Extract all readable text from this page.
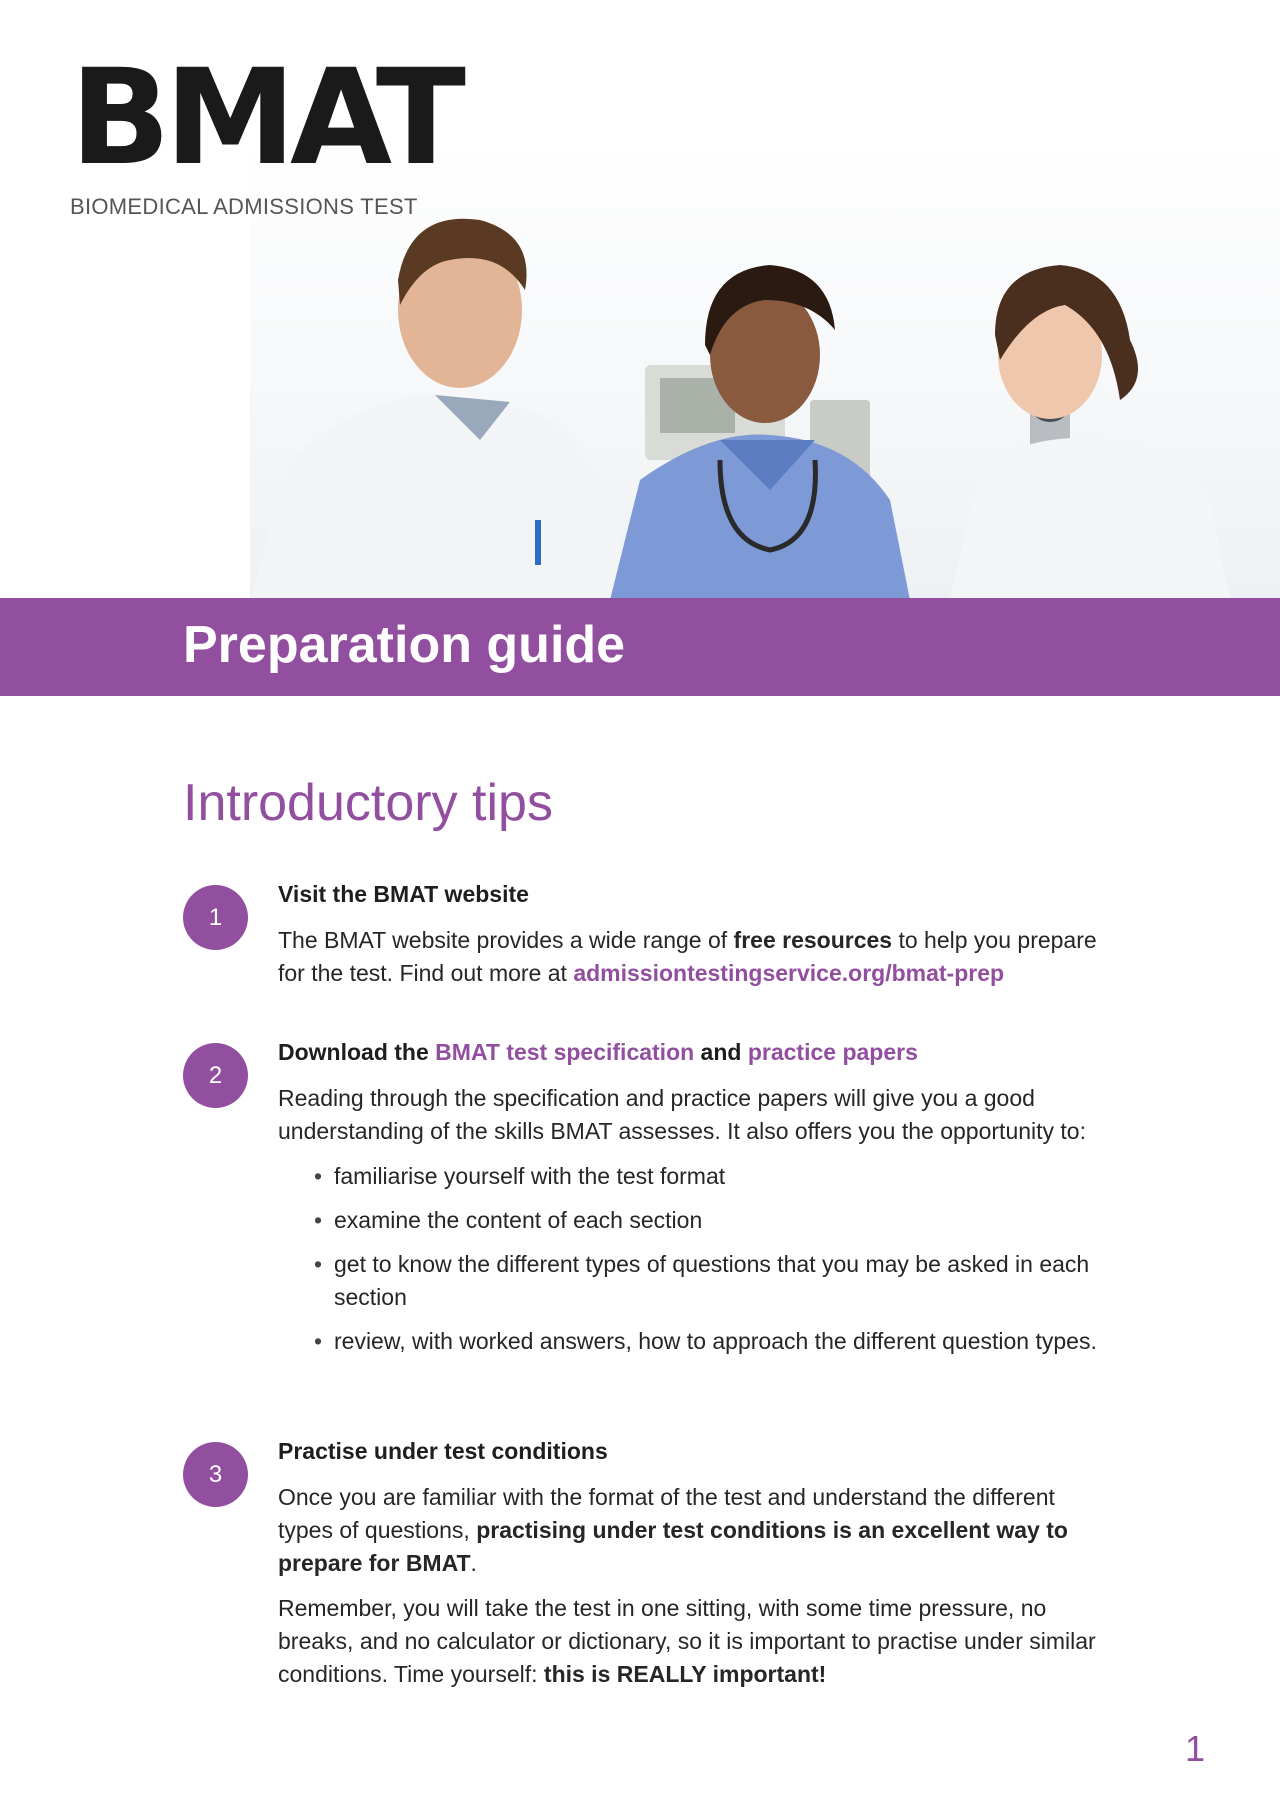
BMAT
BIOMEDICAL ADMISSIONS TEST
Preparation guide
Introductory tips
1

Visit the BMAT website

The BMAT website provides a wide range of free resources to help you prepare for the test. Find out more at admissiontestingservice.org/bmat-prep

2

Download the BMAT test specification and practice papers

Reading through the specification and practice papers will give you a good understanding of the skills BMAT assesses. It also offers you the opportunity to:

• familiarise yourself with the test format
• examine the content of each section
• get to know the different types of questions that you may be asked in each section
• review, with worked answers, how to approach the different question types.
3

Practise under test conditions

Once you are familiar with the format of the test and understand the different types of questions, practising under test conditions is an excellent way to prepare for BMAT.

Remember, you will take the test in one sitting, with some time pressure, no breaks, and no calculator or dictionary, so it is important to practise under similar conditions. Time yourself: this is REALLY important!

1
